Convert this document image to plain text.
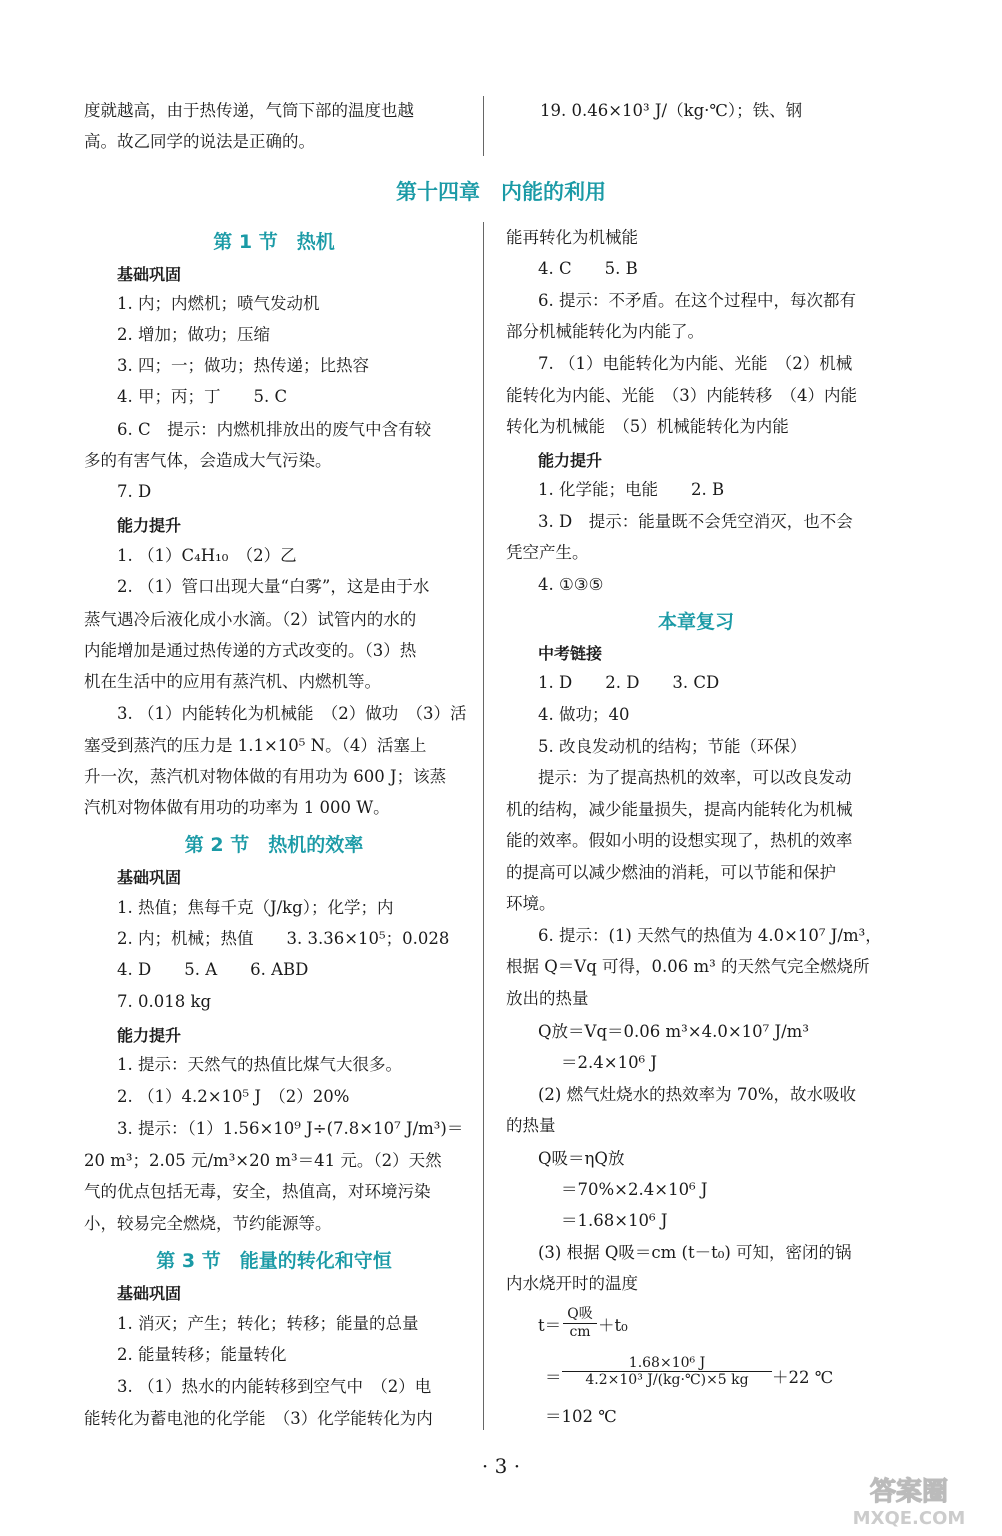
度就越高，由于热传递，气筒下部的温度也越
高。故乙同学的说法是正确的。
19. 0.46×10³ J/（kg·℃）；铁、钢
第十四章　内能的利用
第 1 节　热机
基础巩固
1. 内；内燃机；喷气发动机
2. 增加；做功；压缩
3. 四；一；做功；热传递；比热容
4. 甲；丙；丁　　5. C
6. C　提示：内燃机排放出的废气中含有较
多的有害气体，会造成大气污染。
7. D
能力提升
1. （1）C₄H₁₀　（2）乙
2. （1）管口出现大量“白雾”，这是由于水
蒸气遇冷后液化成小水滴。（2）试管内的水的
内能增加是通过热传递的方式改变的。（3）热
机在生活中的应用有蒸汽机、内燃机等。
3. （1）内能转化为机械能　（2）做功　（3）活
塞受到蒸汽的压力是 1.1×10⁵ N。（4）活塞上
升一次，蒸汽机对物体做的有用功为 600 J；该蒸
汽机对物体做有用功的功率为 1 000 W。
第 2 节　热机的效率
基础巩固
1. 热值；焦每千克（J/kg）；化学；内
2. 内；机械；热值　　3. 3.36×10⁵；0.028
4. D　　5. A　　6. ABD
7. 0.018 kg
能力提升
1. 提示：天然气的热值比煤气大很多。
2. （1）4.2×10⁵ J　（2）20%
3. 提示：（1）1.56×10⁹ J÷(7.8×10⁷ J/m³)＝
20 m³；2.05 元/m³×20 m³＝41 元。（2）天然
气的优点包括无毒，安全，热值高，对环境污染
小，较易完全燃烧，节约能源等。
第 3 节　能量的转化和守恒
基础巩固
1. 消灭；产生；转化；转移；能量的总量
2. 能量转移；能量转化
3. （1）热水的内能转移到空气中　（2）电
能转化为蓄电池的化学能　（3）化学能转化为内
能再转化为机械能
4. C　　5. B
6. 提示：不矛盾。在这个过程中，每次都有
部分机械能转化为内能了。
7. （1）电能转化为内能、光能　（2）机械
能转化为内能、光能　（3）内能转移　（4）内能
转化为机械能　（5）机械能转化为内能
能力提升
1. 化学能；电能　　2. B
3. D　提示：能量既不会凭空消灭，也不会
凭空产生。
4. ①③⑤
本章复习
中考链接
1. D　　2. D　　3. CD
4. 做功；40
5. 改良发动机的结构；节能（环保）
提示：为了提高热机的效率，可以改良发动
机的结构，减少能量损失，提高内能转化为机械
能的效率。假如小明的设想实现了，热机的效率
的提高可以减少燃油的消耗，可以节能和保护
环境。
6. 提示：(1) 天然气的热值为 4.0×10⁷ J/m³，
根据 Q＝Vq 可得，0.06 m³ 的天然气完全燃烧所
放出的热量
Q放＝Vq＝0.06 m³×4.0×10⁷ J/m³
＝2.4×10⁶ J
(2) 燃气灶烧水的热效率为 70%，故水吸收
的热量
Q吸＝ηQ放
＝70%×2.4×10⁶ J
＝1.68×10⁶ J
(3) 根据 Q吸＝cm (t－t₀) 可知，密闭的锅
内水烧开时的温度
t＝
Q吸
cm ＋t₀
＝ $\frac{\text{1.68×10⁶ J}}{\text{4.2×10³ J/(kg·℃)×5 kg}} +22$ ℃
＝102 ℃
· 3 ·
答案圈
MXQE.COM
